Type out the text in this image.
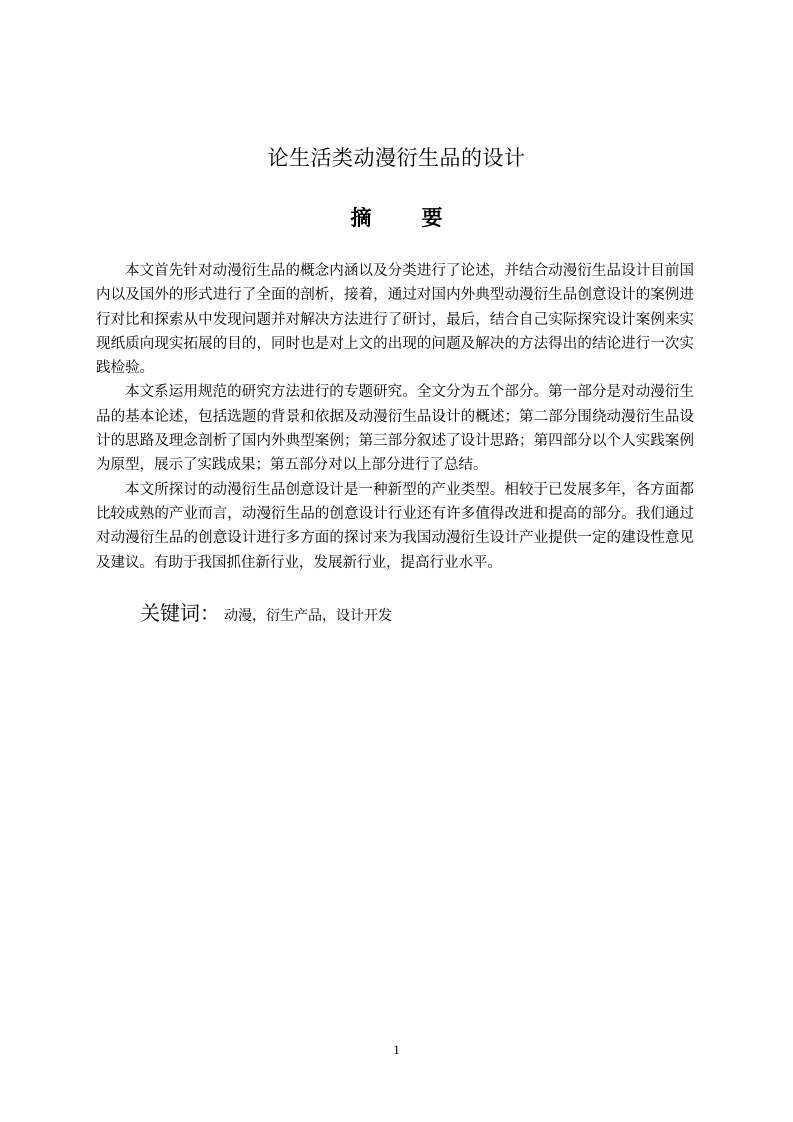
论生活类动漫衍生品的设计
摘 要

本文首先针对动漫衍生品的概念内涵以及分类进行了论述，并结合动漫衍生品设计目前国内以及国外的形式进行了全面的剖析，接着，通过对国内外典型动漫衍生品创意设计的案例进行对比和探索从中发现问题并对解决方法进行了研讨，最后，结合自己实际探究设计案例来实现纸质向现实拓展的目的，同时也是对上文的出现的问题及解决的方法得出的结论进行一次实践检验。

本文系运用规范的研究方法进行的专题研究。全文分为五个部分。第一部分是对动漫衍生品的基本论述，包括选题的背景和依据及动漫衍生品设计的概述；第二部分围绕动漫衍生品设计的思路及理念剖析了国内外典型案例；第三部分叙述了设计思路；第四部分以个人实践案例为原型，展示了实践成果；第五部分对以上部分进行了总结。

本文所探讨的动漫衍生品创意设计是一种新型的产业类型。相较于已发展多年，各方面都比较成熟的产业而言，动漫衍生品的创意设计行业还有许多值得改进和提高的部分。我们通过对动漫衍生品的创意设计进行多方面的探讨来为我国动漫衍生设计产业提供一定的建设性意见及建议。有助于我国抓住新行业，发展新行业，提高行业水平。

关键词： 动漫，衍生产品，设计开发
1
